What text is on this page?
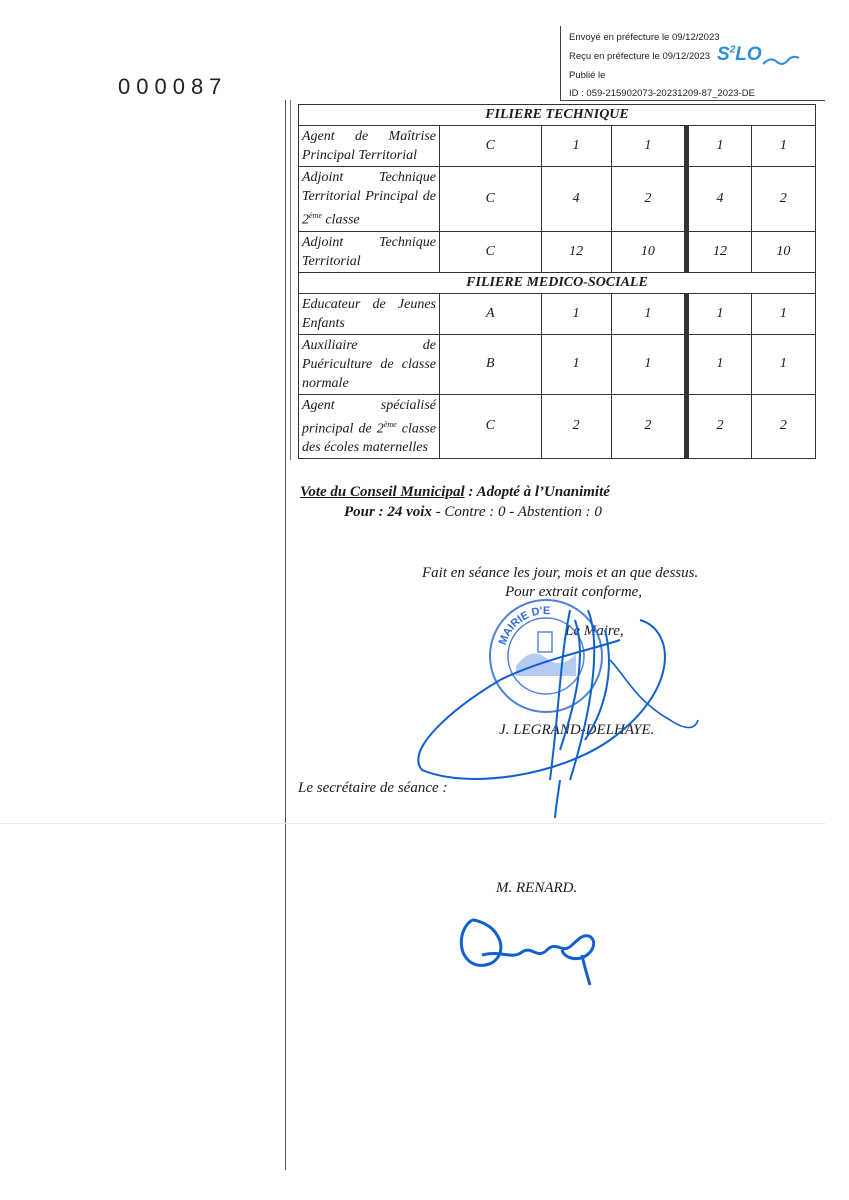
000087
Envoyé en préfecture le 09/12/2023
Reçu en préfecture le 09/12/2023
Publié le
ID : 059-215902073-20231209-87_2023-DE
$S^2LO$
FILIERE TECHNIQUE					
Agent de Maîtrise Principal Territorial	C	1	1	1	1
Adjoint Technique Territorial Principal de 2ème classe	C	4	2	4	2
Adjoint Technique Territorial	C	12	10	12	10
FILIERE MEDICO-SOCIALE					
Educateur de Jeunes Enfants	A	1	1	1	1
Auxiliaire de Puériculture de classe normale	B	1	1	1	1
Agent spécialisé principal de 2ème classe des écoles maternelles	C	2	2	2	2
Vote du Conseil Municipal : Adopté à l’Unanimité
Pour : 24 voix - Contre : 0 - Abstention : 0
Fait en séance les jour, mois et an que dessus.
Pour extrait conforme,
Le Maire,
J. LEGRAND-DELHAYE.
Le secrétaire de séance :
M. RENARD.
MAIRIE D'E
